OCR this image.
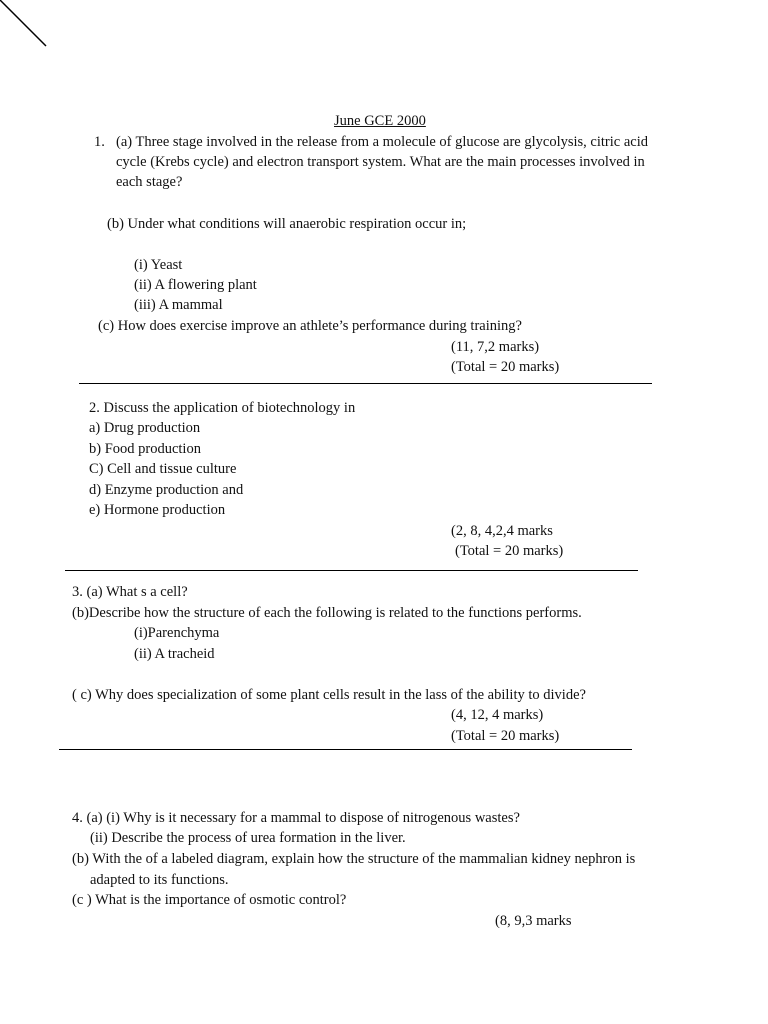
June GCE 2000
1. (a) Three stage involved in the release from a molecule of glucose are glycolysis, citric acid
cycle (Krebs cycle) and electron transport system. What are the main processes involved in
each stage?
(b) Under what conditions will anaerobic respiration occur in;
(i) Yeast
(ii) A flowering plant
(iii) A mammal
(c) How does exercise improve an athlete’s performance during training?
(11, 7,2 marks)
(Total = 20 marks)
2. Discuss the application of biotechnology in
a) Drug production
b) Food production
C) Cell and tissue culture
d) Enzyme production and
e) Hormone production
(2, 8, 4,2,4 marks
(Total = 20 marks)
3. (a) What s a cell?
(b)Describe how the structure of each the following is related to the functions performs.
(i)Parenchyma
(ii) A tracheid
( c) Why does specialization of some plant cells result in the lass of the ability to divide?
(4, 12, 4 marks)
(Total = 20 marks)
4. (a) (i) Why is it necessary for a mammal to dispose of nitrogenous wastes?
(ii) Describe the process of urea formation in the liver.
(b) With the of a labeled diagram, explain how the structure of the mammalian kidney nephron is
adapted to its functions.
(c ) What is the importance of osmotic control?
(8, 9,3 marks
